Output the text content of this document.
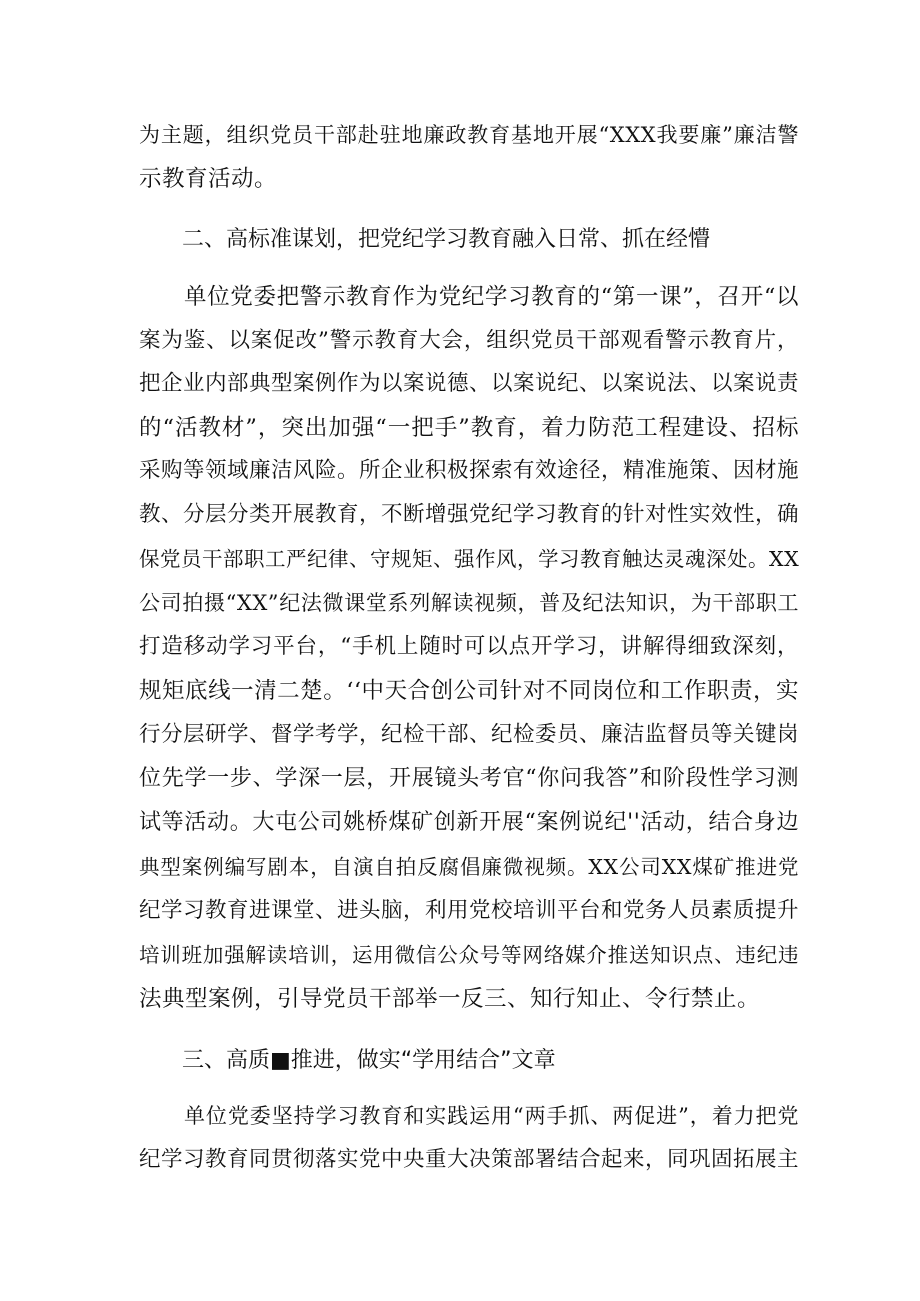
为主题，组织党员干部赴驻地廉政教育基地开展“XXX我要廉”廉洁警
示教育活动。
二、高标准谋划，把党纪学习教育融入日常、抓在经懵
单位党委把警示教育作为党纪学习教育的“第一课”，召开“以
案为鉴、以案促改”警示教育大会，组织党员干部观看警示教育片，
把企业内部典型案例作为以案说德、以案说纪、以案说法、以案说责
的“活教材”，突出加强“一把手”教育，着力防范工程建设、招标
采购等领域廉洁风险。所企业积极探索有效途径，精准施策、因材施
教、分层分类开展教育，不断增强党纪学习教育的针对性实效性，确
保党员干部职工严纪律、守规矩、强作风，学习教育触达灵魂深处。XX
公司拍摄“XX”纪法微课堂系列解读视频，普及纪法知识，为干部职工
打造移动学习平台，“手机上随时可以点开学习，讲解得细致深刻，
规矩底线一清二楚。‘‘中天合创公司针对不同岗位和工作职责，实
行分层研学、督学考学，纪检干部、纪检委员、廉洁监督员等关键岗
位先学一步、学深一层，开展镜头考官“你问我答”和阶段性学习测
试等活动。大屯公司姚桥煤矿创新开展“案例说纪''活动，结合身边
典型案例编写剧本，自演自拍反腐倡廉微视频。XX公司XX煤矿推进党
纪学习教育进课堂、进头脑，利用党校培训平台和党务人员素质提升
培训班加强解读培训，运用微信公众号等网络媒介推送知识点、违纪违
法典型案例，引导党员干部举一反三、知行知止、令行禁止。
三、高质■推进，做实“学用结合”文章
单位党委坚持学习教育和实践运用“两手抓、两促进”，着力把党
纪学习教育同贯彻落实党中央重大决策部署结合起来，同巩固拓展主
